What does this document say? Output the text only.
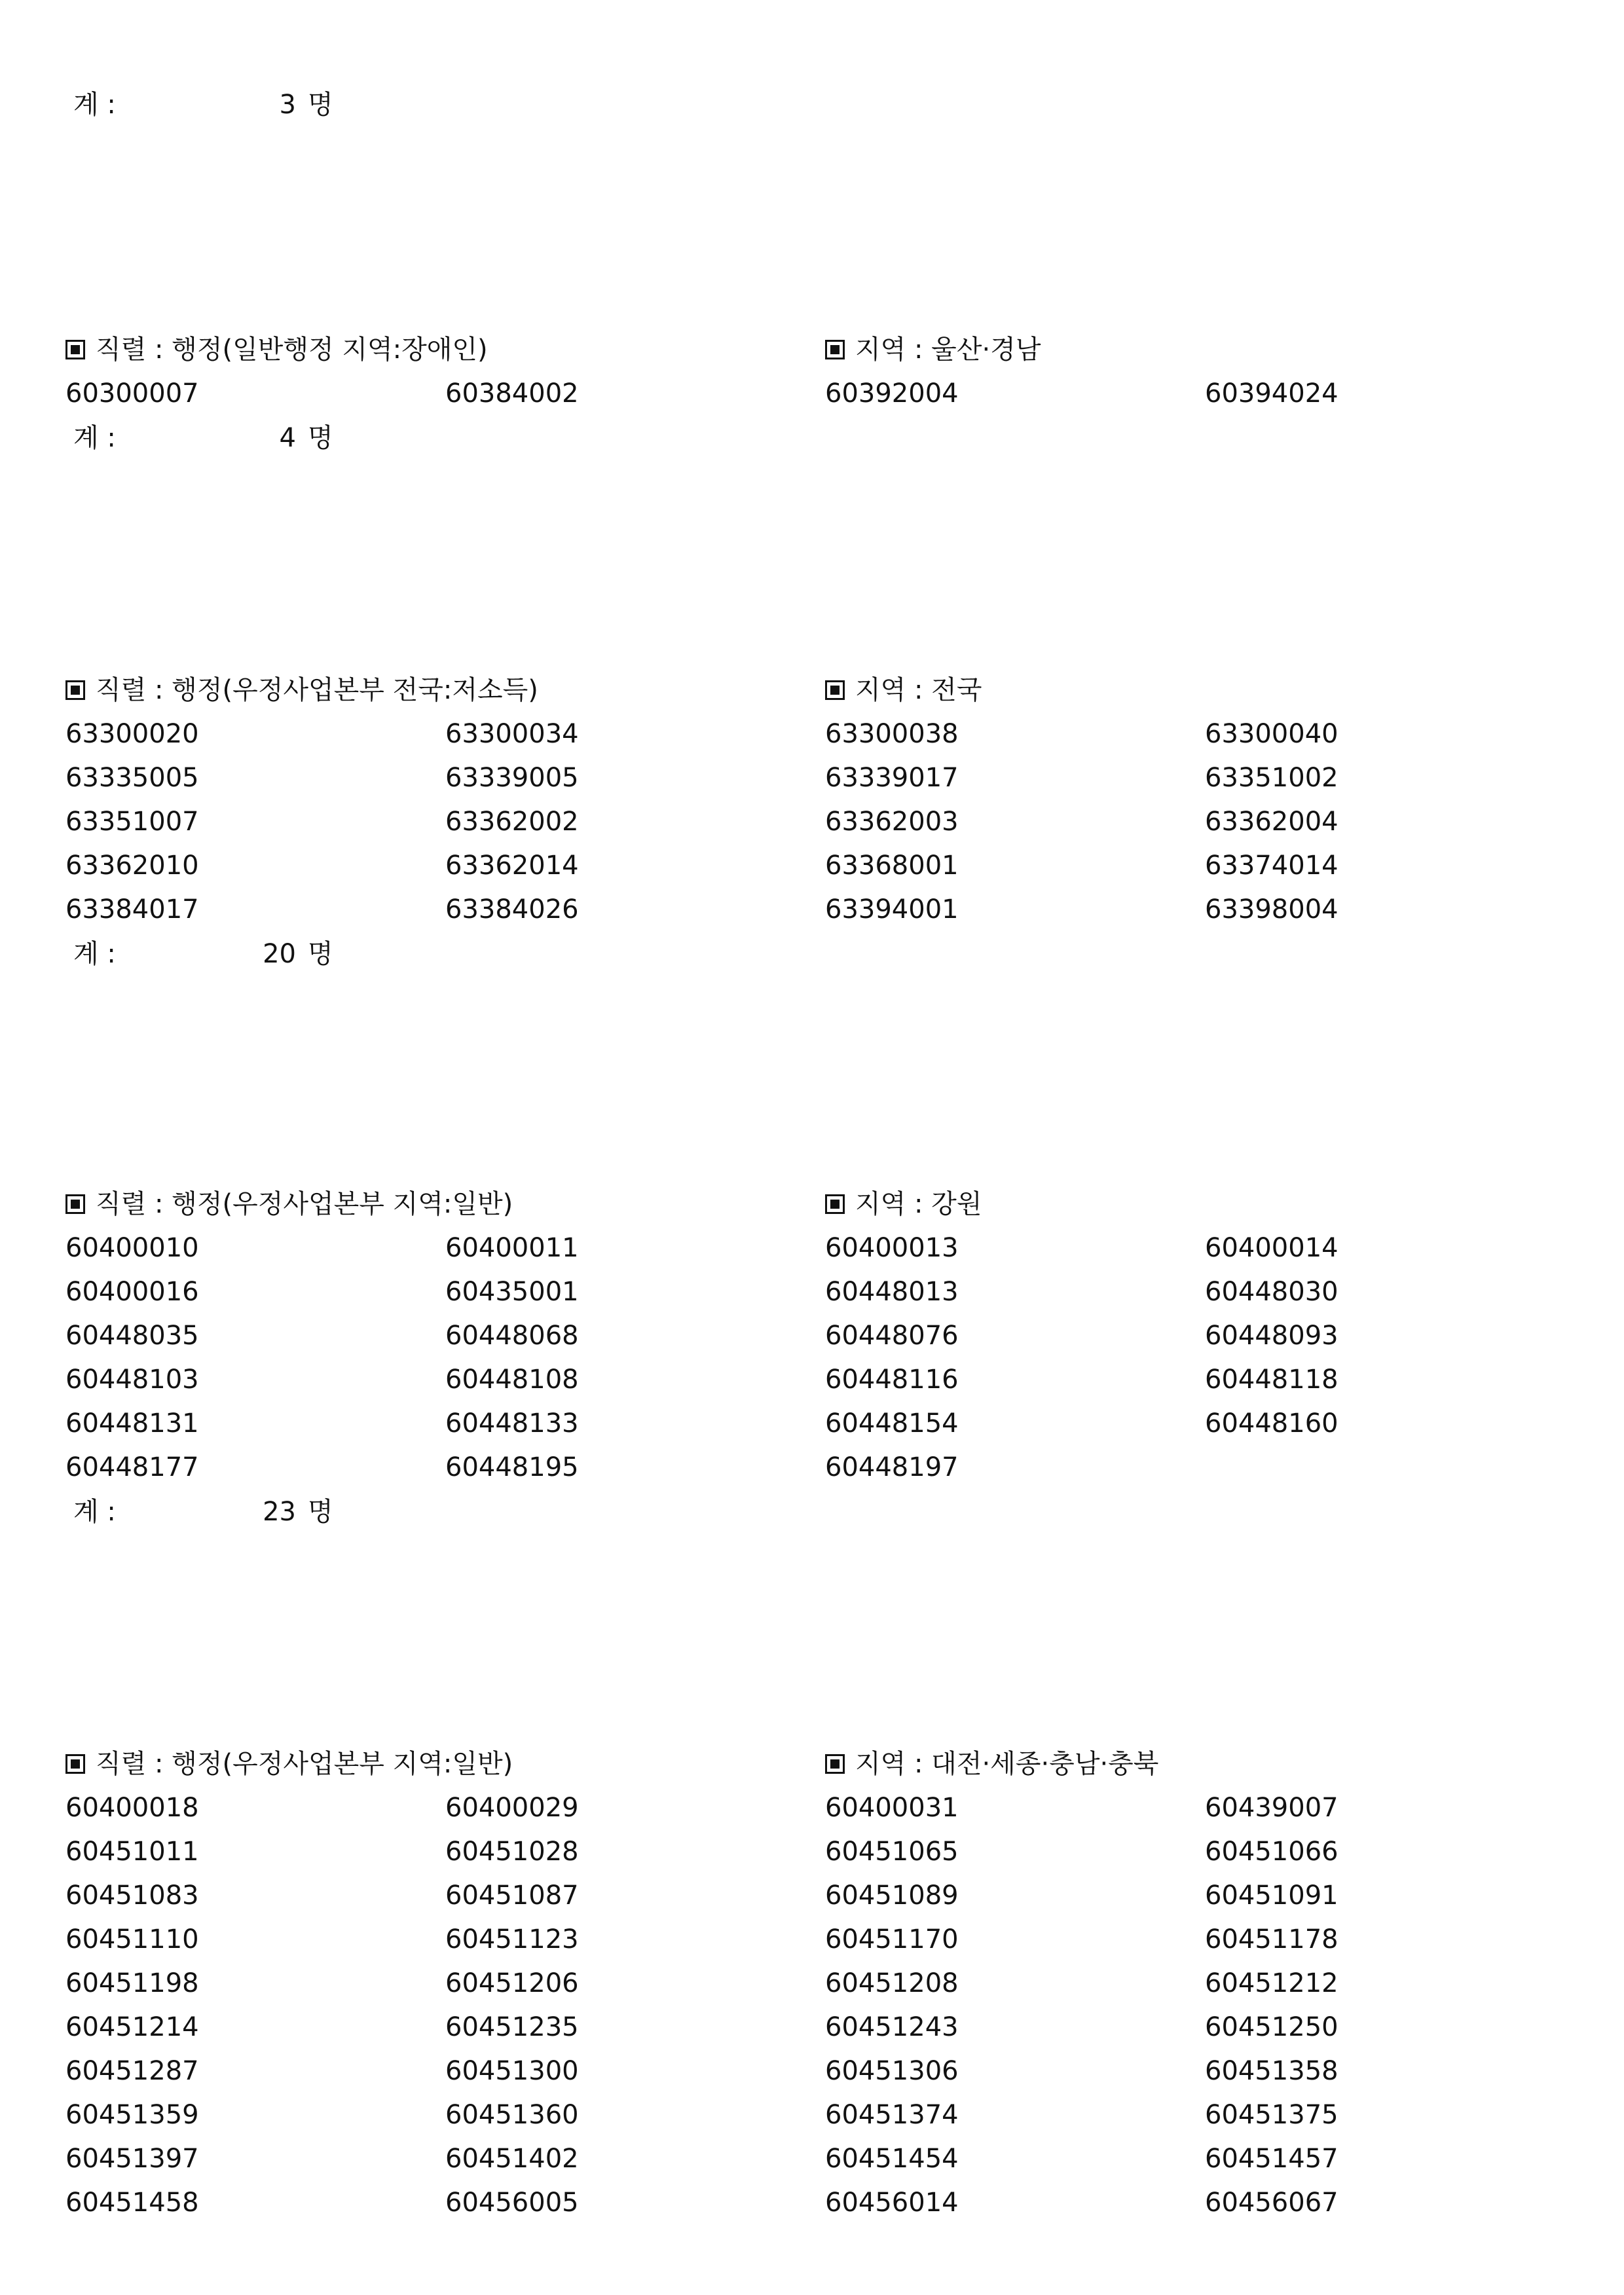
계 :	3 명
직렬 : 행정(일반행정 지역:장애인)	지역 : 울산·경남
60300007	60384002	60392004	60394024
계 :	4 명
직렬 : 행정(우정사업본부 전국:저소득)	지역 : 전국
63300020	63300034	63300038	63300040
63335005	63339005	63339017	63351002
63351007	63362002	63362003	63362004
63362010	63362014	63368001	63374014
63384017	63384026	63394001	63398004
계 :	20 명
직렬 : 행정(우정사업본부 지역:일반)	지역 : 강원
60400010	60400011	60400013	60400014
60400016	60435001	60448013	60448030
60448035	60448068	60448076	60448093
60448103	60448108	60448116	60448118
60448131	60448133	60448154	60448160
60448177	60448195	60448197
계 :	23 명
직렬 : 행정(우정사업본부 지역:일반)	지역 : 대전·세종·충남·충북
60400018	60400029	60400031	60439007
60451011	60451028	60451065	60451066
60451083	60451087	60451089	60451091
60451110	60451123	60451170	60451178
60451198	60451206	60451208	60451212
60451214	60451235	60451243	60451250
60451287	60451300	60451306	60451358
60451359	60451360	60451374	60451375
60451397	60451402	60451454	60451457
60451458	60456005	60456014	60456067
